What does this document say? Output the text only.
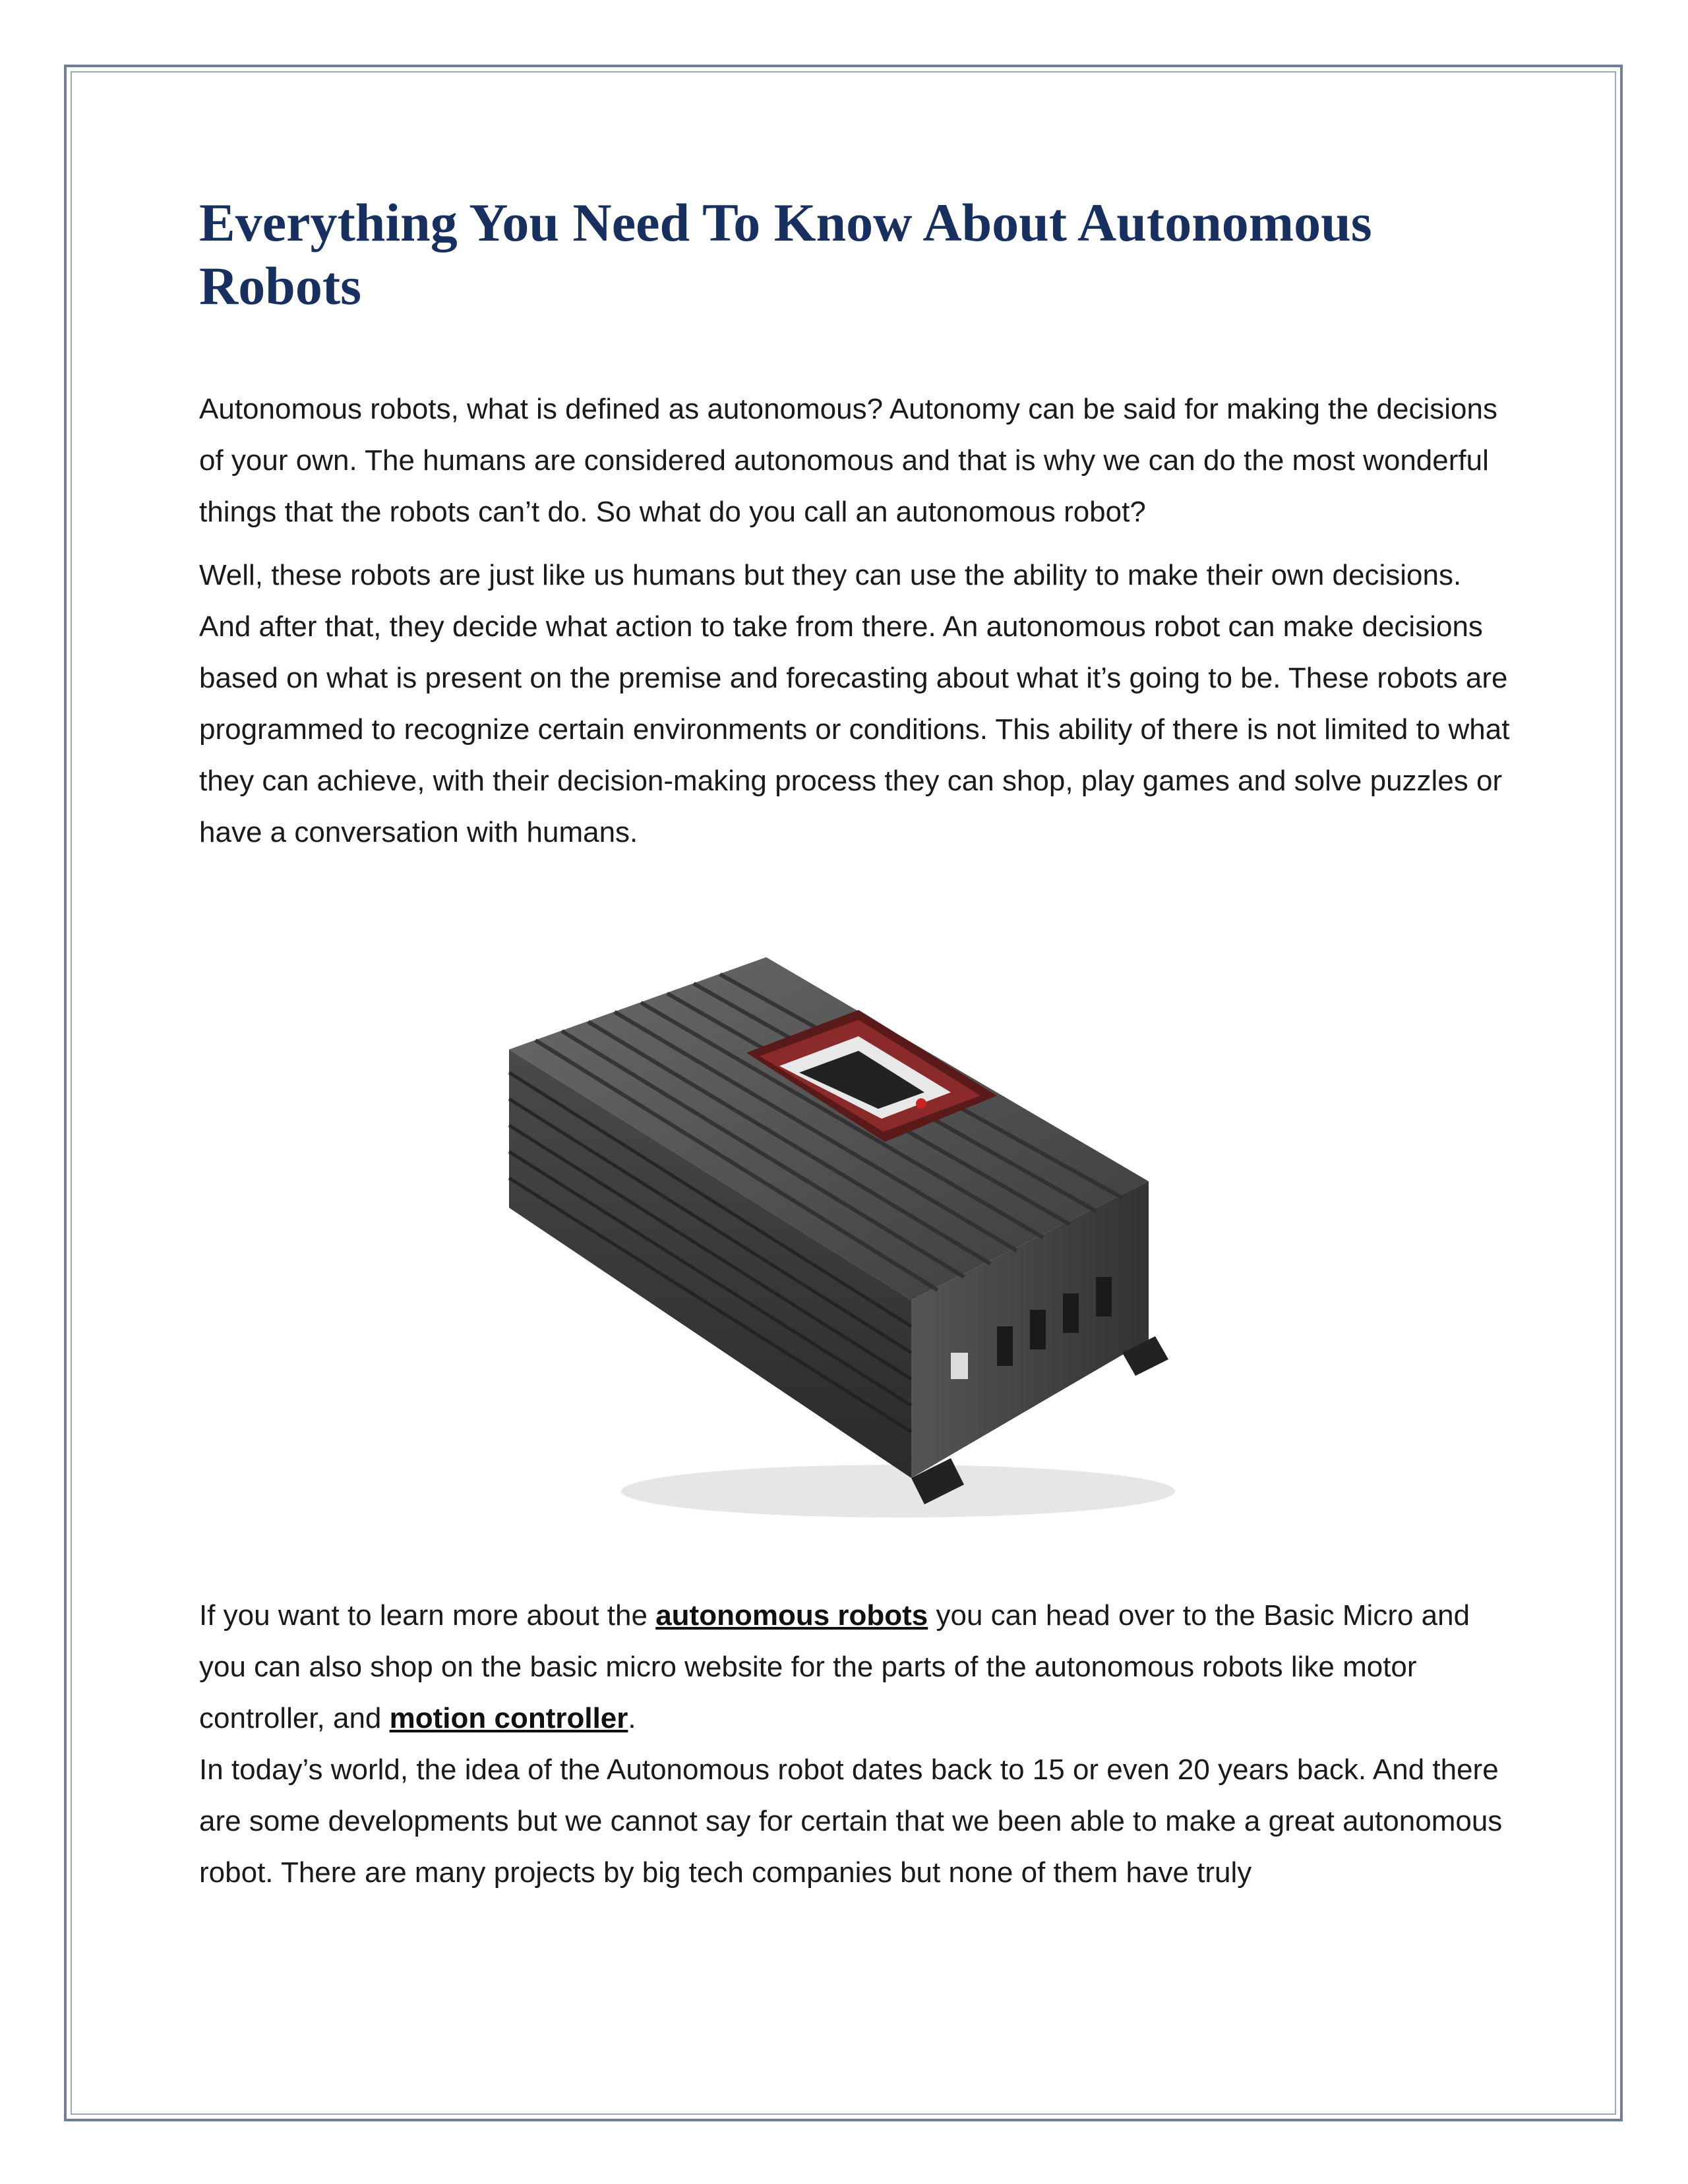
Everything You Need To Know About Autonomous Robots

Autonomous robots, what is defined as autonomous? Autonomy can be said for making the decisions of your own. The humans are considered autonomous and that is why we can do the most wonderful things that the robots can’t do. So what do you call an autonomous robot?

Well, these robots are just like us humans but they can use the ability to make their own decisions. And after that, they decide what action to take from there. An autonomous robot can make decisions based on what is present on the premise and forecasting about what it’s going to be. These robots are programmed to recognize certain environments or conditions. This ability of there is not limited to what they can achieve, with their decision-making process they can shop, play games and solve puzzles or have a conversation with humans.

If you want to learn more about the autonomous robots you can head over to the Basic Micro and you can also shop on the basic micro website for the parts of the autonomous robots like motor controller, and motion controller.

In today’s world, the idea of the Autonomous robot dates back to 15 or even 20 years back. And there are some developments but we cannot say for certain that we been able to make a great autonomous robot. There are many projects by big tech companies but none of them have truly
